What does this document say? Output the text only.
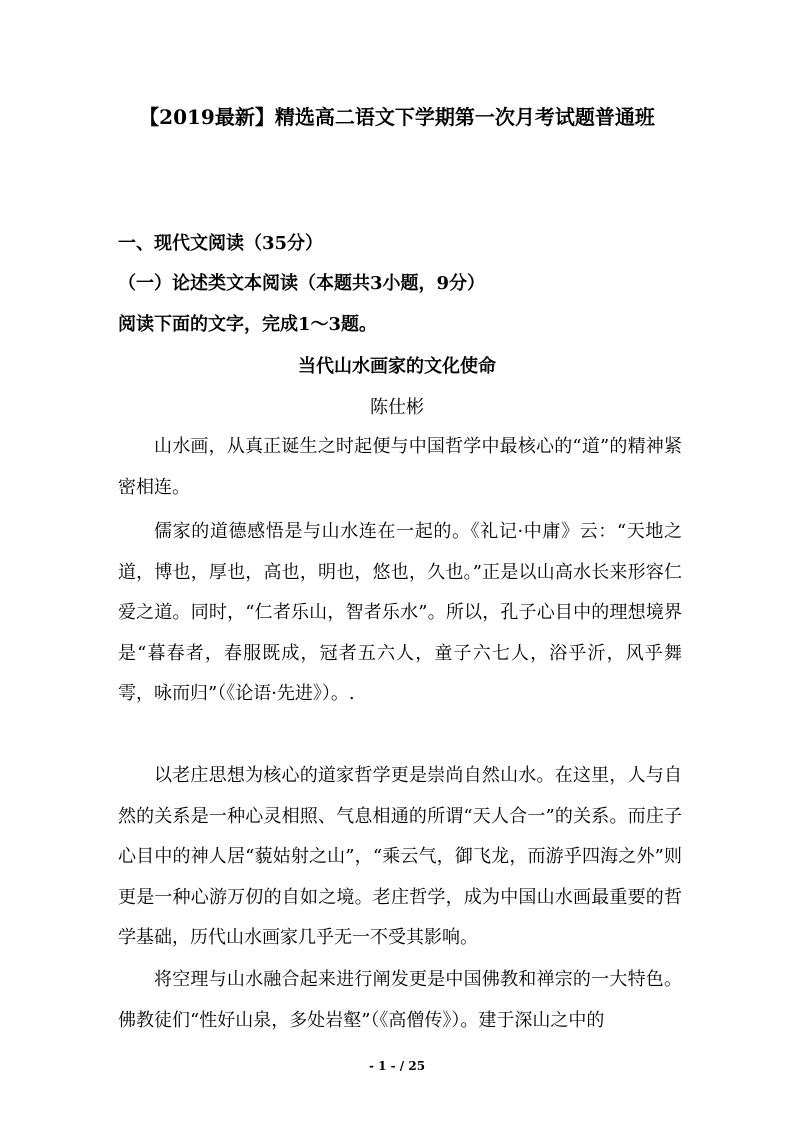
【2019最新】精选高二语文下学期第一次月考试题普通班
一、现代文阅读（35分）
（一）论述类文本阅读（本题共3小题，9分）
阅读下面的文字，完成1～3题。
当代山水画家的文化使命
陈仕彬
山水画，从真正诞生之时起便与中国哲学中最核心的“道”的精神紧密相连。
儒家的道德感悟是与山水连在一起的。《礼记·中庸》云：“天地之道，博也，厚也，高也，明也，悠也，久也。”正是以山高水长来形容仁爱之道。同时，“仁者乐山，智者乐水”。所以，孔子心目中的理想境界是“暮春者，春服既成，冠者五六人，童子六七人，浴乎沂，风乎舞雩，咏而归”（《论语·先进》）。.
以老庄思想为核心的道家哲学更是崇尚自然山水。在这里，人与自然的关系是一种心灵相照、气息相通的所谓“天人合一”的关系。而庄子心目中的神人居“藐姑射之山”，“乘云气，御飞龙，而游乎四海之外”则更是一种心游万仞的自如之境。老庄哲学，成为中国山水画最重要的哲学基础，历代山水画家几乎无一不受其影响。
将空理与山水融合起来进行阐发更是中国佛教和禅宗的一大特色。佛教徒们“性好山泉，多处岩壑”（《高僧传》）。建于深山之中的
- 1 - / 25
